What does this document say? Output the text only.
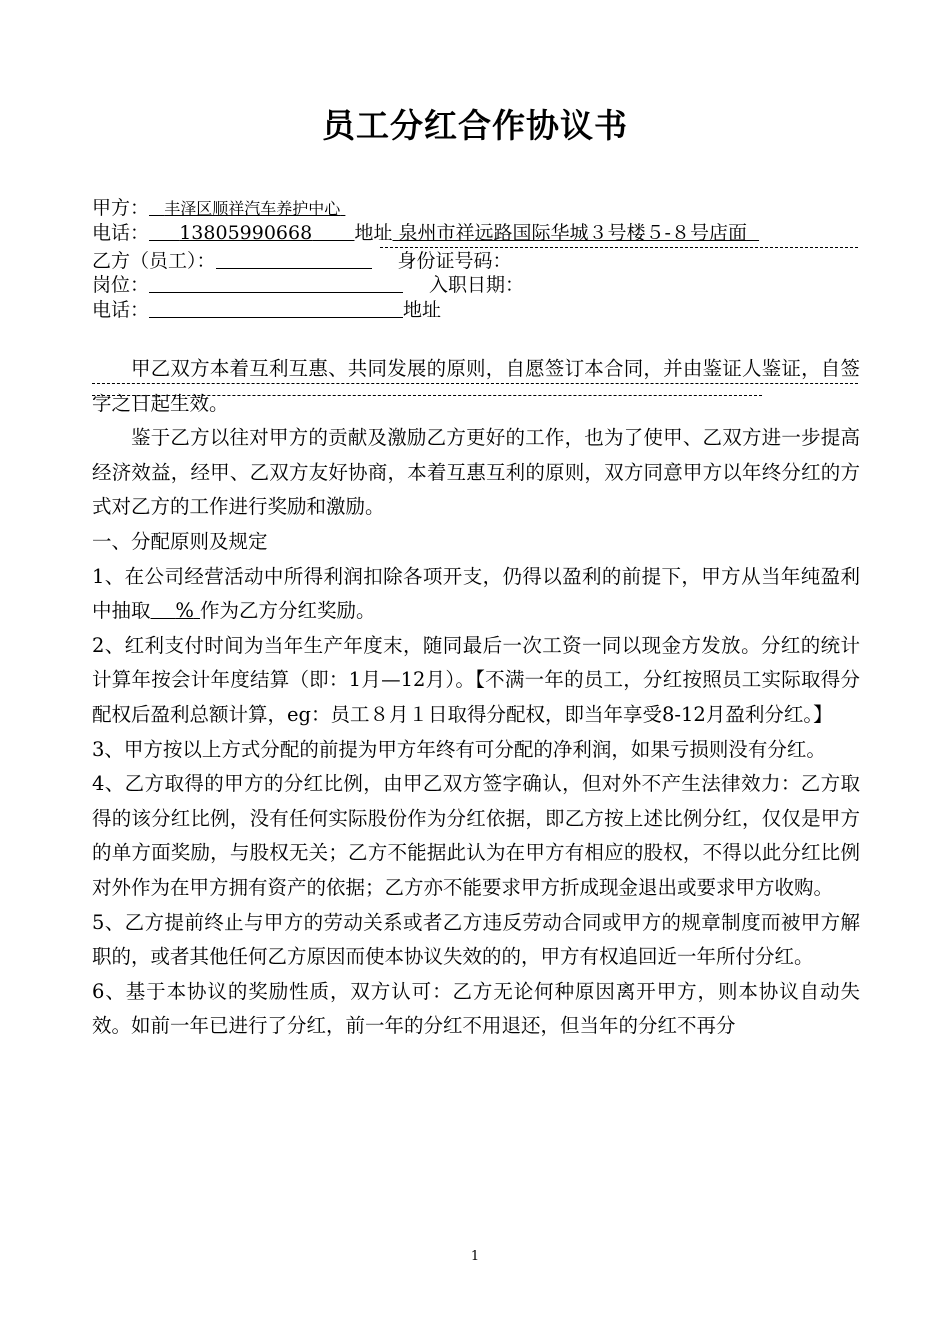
员工分红合作协议书
甲方： 丰泽区顺祥汽车养护中心
电话： 13805990668 地址 泉州市祥远路国际华城３号楼５-８号店面
乙方（员工）：	身份证号码：
岗位：	入职日期：
电话：	地址

甲乙双方本着互利互惠、共同发展的原则，自愿签订本合同，并由鉴证人鉴证，自签字之日起生效。

鉴于乙方以往对甲方的贡献及激励乙方更好的工作，也为了使甲、乙双方进一步提高经济效益，经甲、乙双方友好协商，本着互惠互利的原则，双方同意甲方以年终分红的方式对乙方的工作进行奖励和激励。

一、分配原则及规定

1、在公司经营活动中所得利润扣除各项开支，仍得以盈利的前提下，甲方从当年纯盈利中抽取 % 作为乙方分红奖励。

2、红利支付时间为当年生产年度末，随同最后一次工资一同以现金方发放。分红的统计计算年按会计年度结算（即：1月—12月）。【不满一年的员工，分红按照员工实际取得分配权后盈利总额计算，eg：员工８月１日取得分配权，即当年享受8-12月盈利分红。】

3、甲方按以上方式分配的前提为甲方年终有可分配的净利润，如果亏损则没有分红。

4、乙方取得的甲方的分红比例，由甲乙双方签字确认，但对外不产生法律效力：乙方取得的该分红比例，没有任何实际股份作为分红依据，即乙方按上述比例分红，仅仅是甲方的单方面奖励，与股权无关；乙方不能据此认为在甲方有相应的股权，不得以此分红比例对外作为在甲方拥有资产的依据；乙方亦不能要求甲方折成现金退出或要求甲方收购。

5、乙方提前终止与甲方的劳动关系或者乙方违反劳动合同或甲方的规章制度而被甲方解职的，或者其他任何乙方原因而使本协议失效的的，甲方有权追回近一年所付分红。

6、基于本协议的奖励性质，双方认可：乙方无论何种原因离开甲方，则本协议自动失效。如前一年已进行了分红，前一年的分红不用退还，但当年的分红不再分

1
